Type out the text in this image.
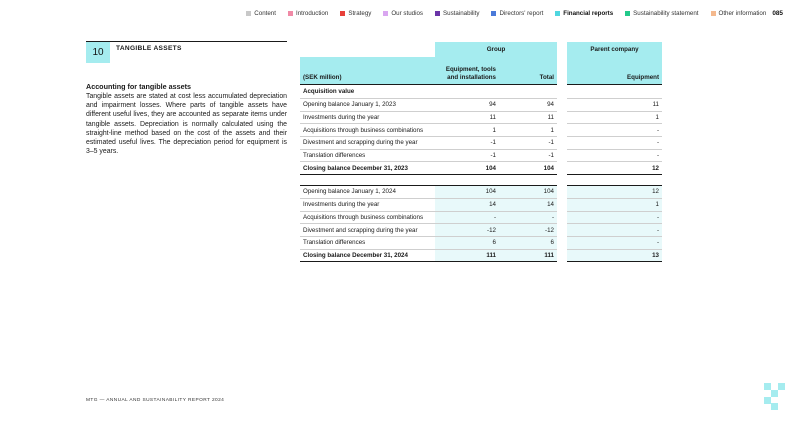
Content	Introduction	Strategy	Our studios	Sustainability	Directors' report	Financial reports	Sustainability statement	Other information 085
10	TANGIBLE ASSETS

Accounting for tangible assets

Tangible assets are stated at cost less accumulated depreciation and impairment losses. Where parts of tangible assets have different useful lives, they are accounted as separate items under tangible assets. Depreciation is normally calculated using the straight-line method based on the cost of the assets and their estimated useful lives. The depreciation period for equipment is 3–5 years.

	Group			Parent company
(SEK million)	Equipment, tools and installations	Total		Equipment
Acquisition value				
Opening balance January 1, 2023	94	94		11
Investments during the year	11	11		1
Acquisitions through business combinations	1	1		-
Divestment and scrapping during the year	-1	-1		-
Translation differences	-1	-1		-
Closing balance December 31, 2023	104	104		12

Opening balance January 1, 2024	104	104		12
Investments during the year	14	14		1
Acquisitions through business combinations	-	-		-
Divestment and scrapping during the year	-12	-12		-
Translation differences	6	6		-
Closing balance December 31, 2024	111	111		13
MTG — ANNUAL AND SUSTAINABILITY REPORT 2024
